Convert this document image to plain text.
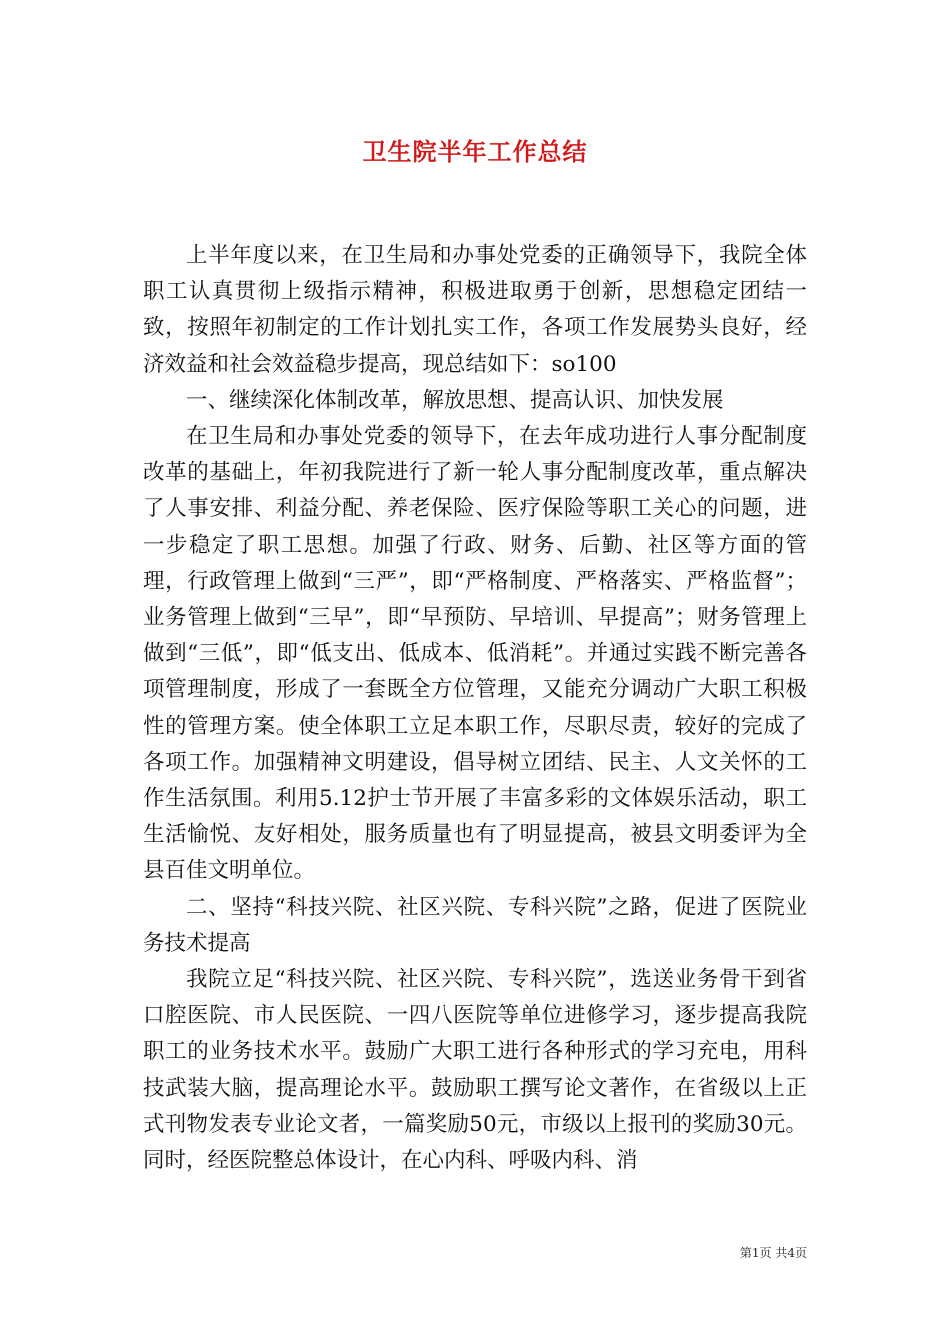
卫生院半年工作总结

上半年度以来，在卫生局和办事处党委的正确领导下，我院全体职工认真贯彻上级指示精神，积极进取勇于创新，思想稳定团结一致，按照年初制定的工作计划扎实工作，各项工作发展势头良好，经济效益和社会效益稳步提高，现总结如下：so100

一、继续深化体制改革，解放思想、提高认识、加快发展

在卫生局和办事处党委的领导下，在去年成功进行人事分配制度改革的基础上，年初我院进行了新一轮人事分配制度改革，重点解决了人事安排、利益分配、养老保险、医疗保险等职工关心的问题，进一步稳定了职工思想。加强了行政、财务、后勤、社区等方面的管理，行政管理上做到“三严”，即“严格制度、严格落实、严格监督”；业务管理上做到“三早”，即“早预防、早培训、早提高”；财务管理上做到“三低”，即“低支出、低成本、低消耗”。并通过实践不断完善各项管理制度，形成了一套既全方位管理，又能充分调动广大职工积极性的管理方案。使全体职工立足本职工作，尽职尽责，较好的完成了各项工作。加强精神文明建设，倡导树立团结、民主、人文关怀的工作生活氛围。利用5.12护士节开展了丰富多彩的文体娱乐活动，职工生活愉悦、友好相处，服务质量也有了明显提高，被县文明委评为全县百佳文明单位。

二、坚持“科技兴院、社区兴院、专科兴院”之路，促进了医院业务技术提高

我院立足“科技兴院、社区兴院、专科兴院”，选送业务骨干到省口腔医院、市人民医院、一四八医院等单位进修学习，逐步提高我院职工的业务技术水平。鼓励广大职工进行各种形式的学习充电，用科技武装大脑，提高理论水平。鼓励职工撰写论文著作，在省级以上正式刊物发表专业论文者，一篇奖励50元，市级以上报刊的奖励30元。同时，经医院整总体设计，在心内科、呼吸内科、消

第1页 共4页
